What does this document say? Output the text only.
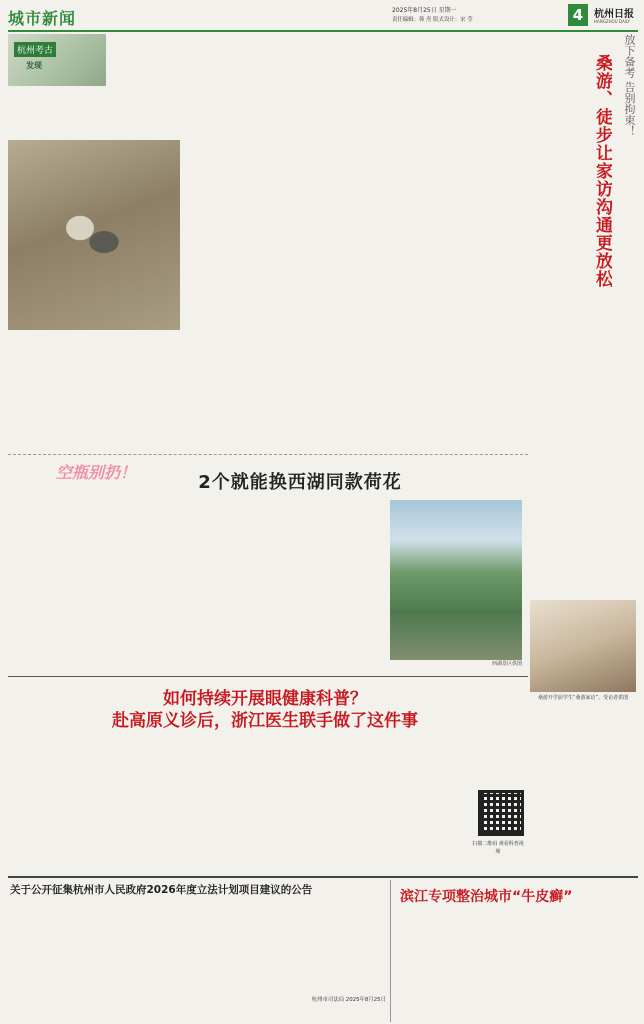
城市新闻	2025年8月25日 星期一
责任编辑：韩 焘 版式设计：宋 莹	4	杭州日报
HANGZHOU DAILY
杭州考古
发现	放下备考 告别拘束！
桑游、徒步让家访沟通更放松
桑游开学前学生“桑游家访”。受访者供图
空瓶别扔！	2个就能换西湖同款荷花
西湖景区供图
如何持续开展眼健康科普？
赴高原义诊后，浙江医生联手做了这件事
扫描二维码 观看科普视频
关于公开征集杭州市人民政府2026年度立法计划项目建议的公告
杭州市司法局 2025年8月25日
滨江专项整治城市“牛皮癣”
